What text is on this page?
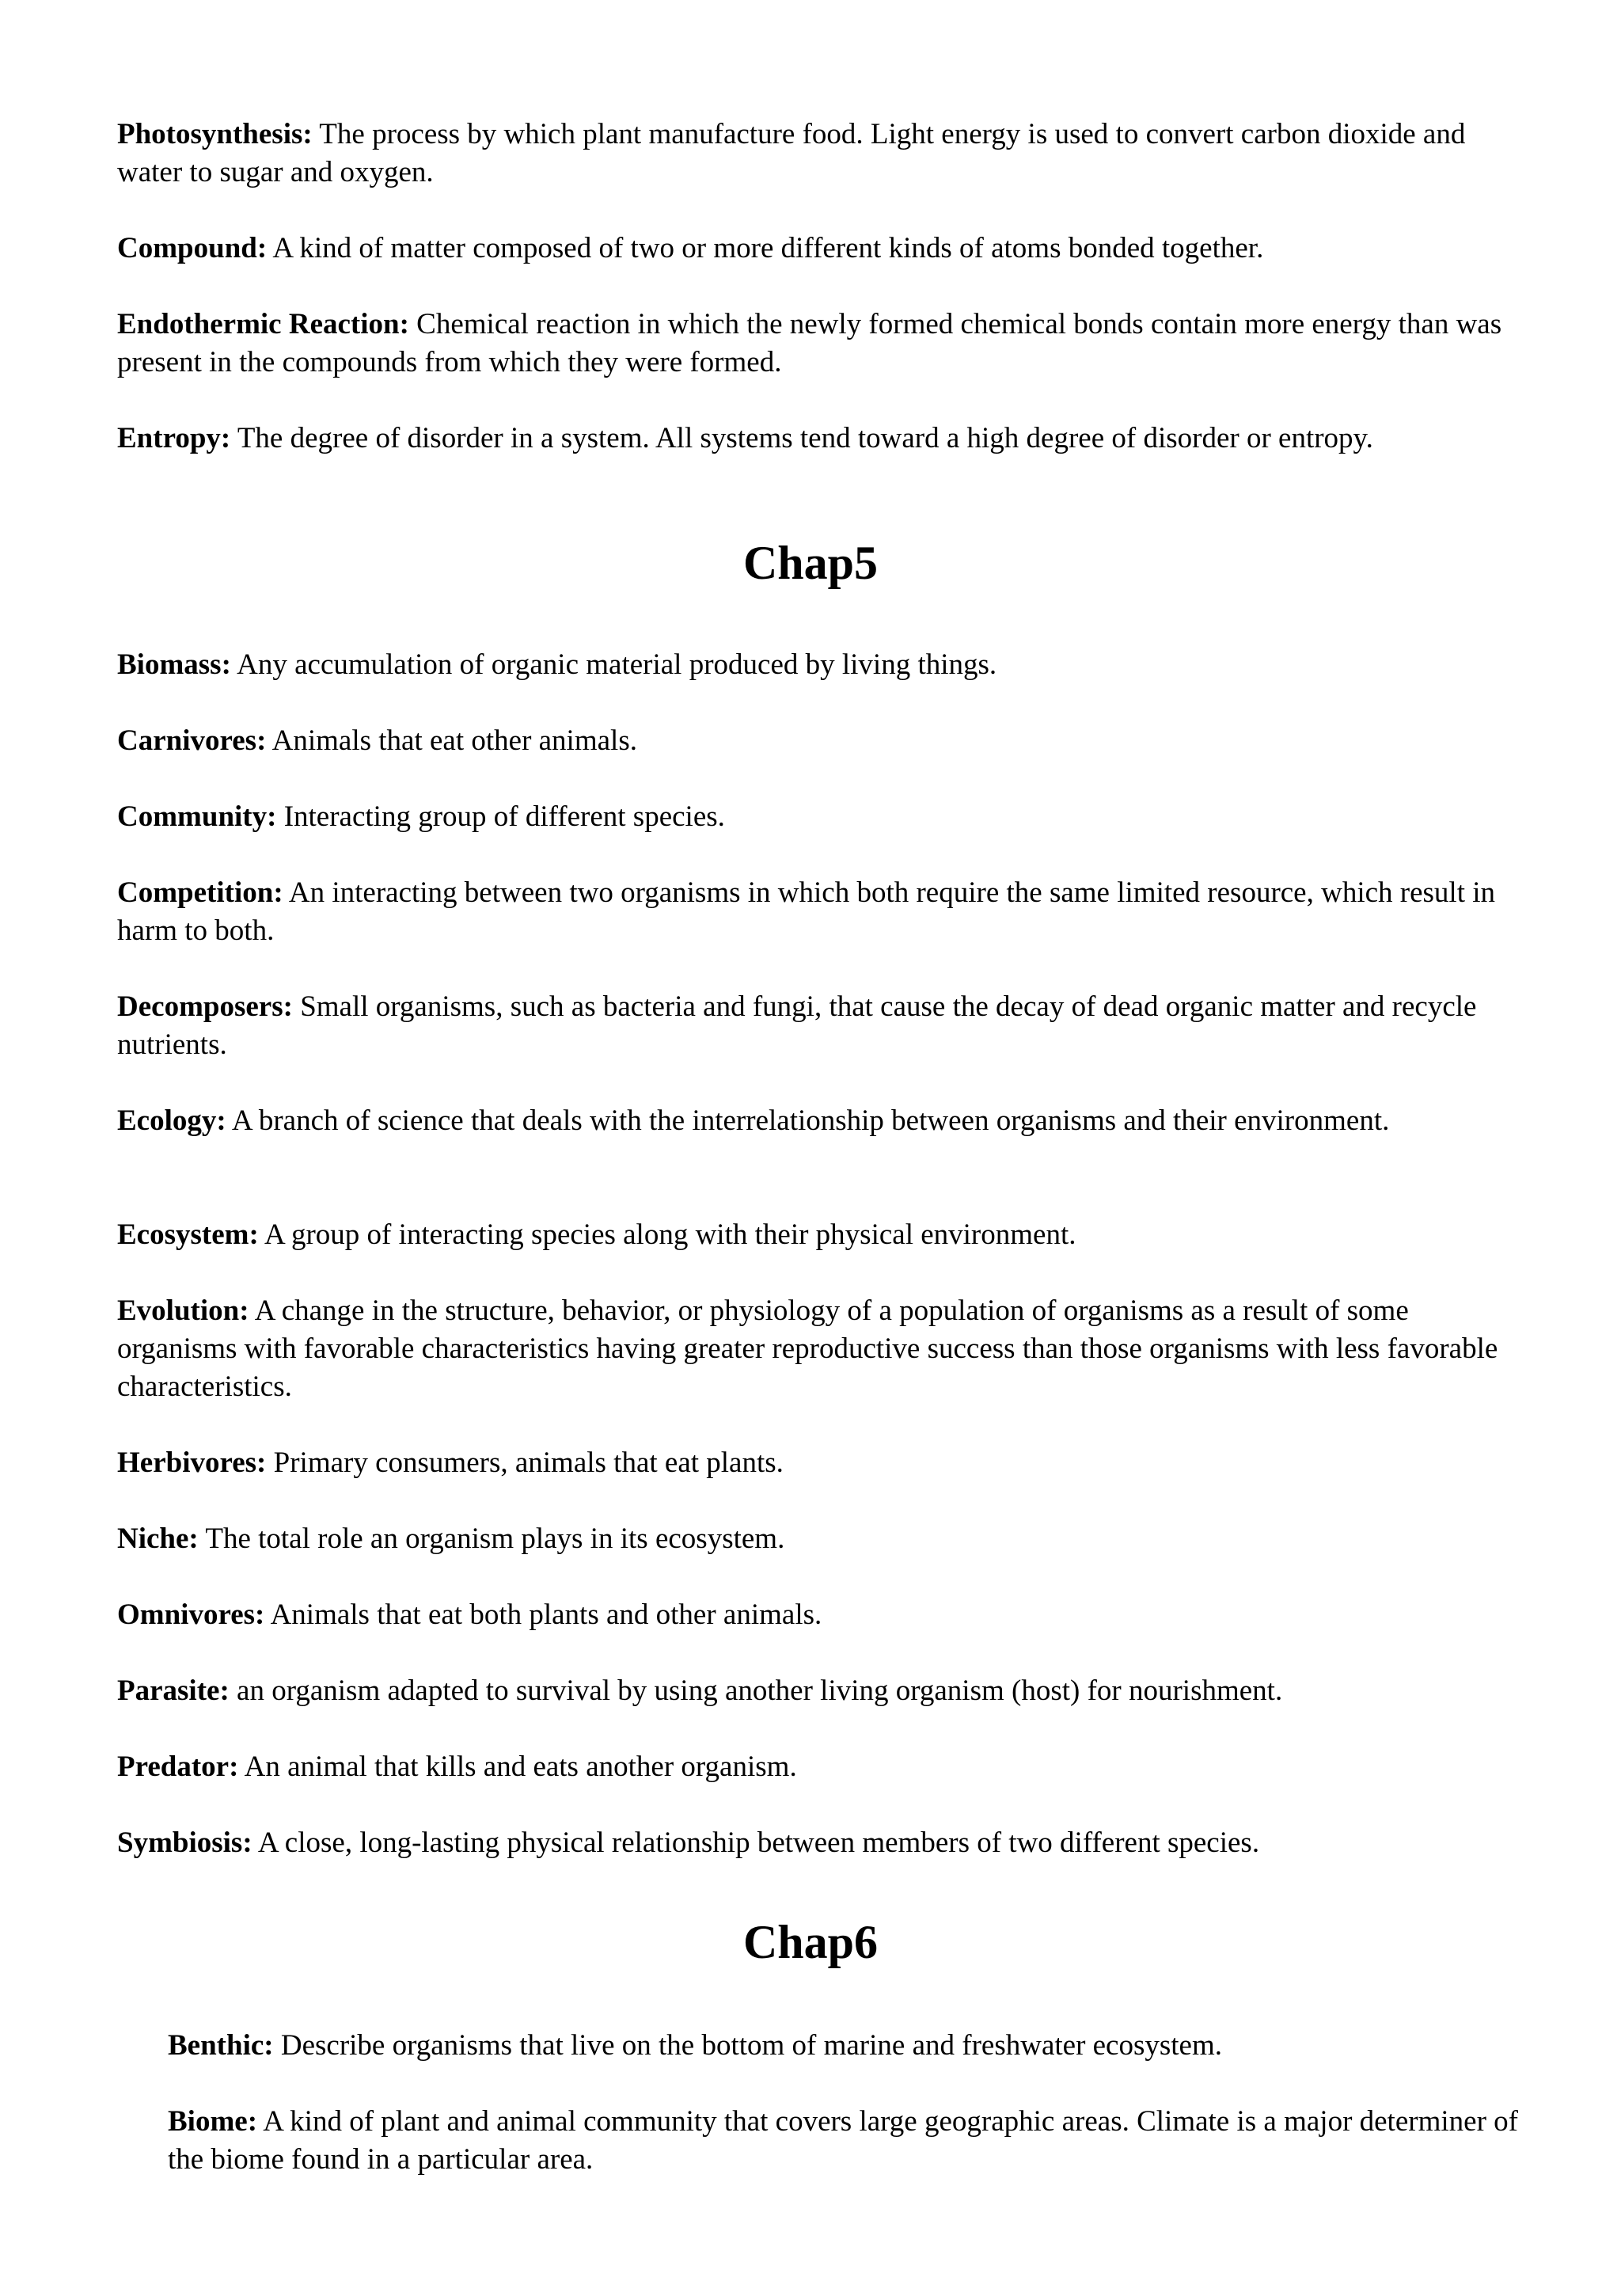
Photosynthesis: The process by which plant manufacture food. Light energy is used to convert carbon dioxide and water to sugar and oxygen.

Compound: A kind of matter composed of two or more different kinds of atoms bonded together.

Endothermic Reaction: Chemical reaction in which the newly formed chemical bonds contain more energy than was present in the compounds from which they were formed.

Entropy: The degree of disorder in a system. All systems tend toward a high degree of disorder or entropy.

Chap5

Biomass: Any accumulation of organic material produced by living things.

Carnivores: Animals that eat other animals.

Community: Interacting group of different species.

Competition: An interacting between two organisms in which both require the same limited resource, which result in harm to both.

Decomposers: Small organisms, such as bacteria and fungi, that cause the decay of dead organic matter and recycle nutrients.

Ecology: A branch of science that deals with the interrelationship between organisms and their environment.

Ecosystem: A group of interacting species along with their physical environment.

Evolution: A change in the structure, behavior, or physiology of a population of organisms as a result of some organisms with favorable characteristics having greater reproductive success than those organisms with less favorable characteristics.

Herbivores: Primary consumers, animals that eat plants.

Niche: The total role an organism plays in its ecosystem.

Omnivores: Animals that eat both plants and other animals.

Parasite: an organism adapted to survival by using another living organism (host) for nourishment.

Predator: An animal that kills and eats another organism.

Symbiosis: A close, long-lasting physical relationship between members of two different species.

Chap6

Benthic: Describe organisms that live on the bottom of marine and freshwater ecosystem.

Biome: A kind of plant and animal community that covers large geographic areas. Climate is a major determiner of the biome found in a particular area.
